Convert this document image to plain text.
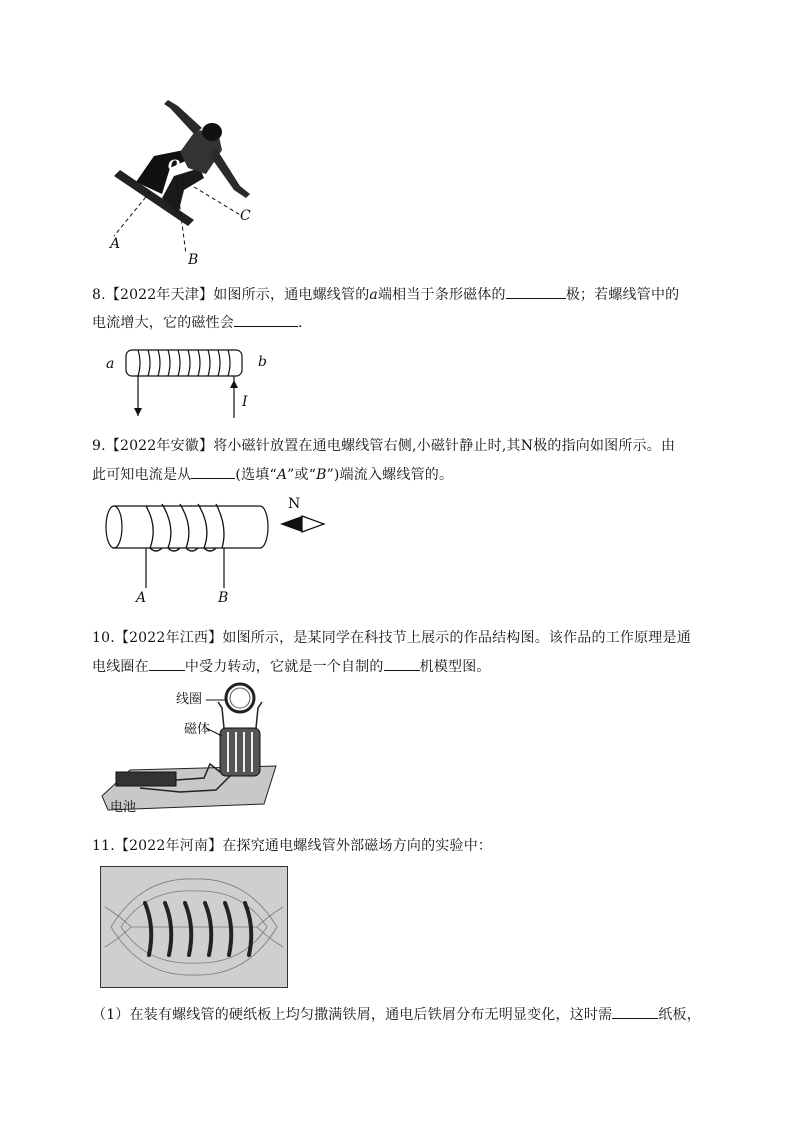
O
A
B
C
8.【2022年天津】如图所示，通电螺线管的a端相当于条形磁体的	极；若螺线管中的
电流增大，它的磁性会	.
a	b
I
9.【2022年安徽】将小磁针放置在通电螺线管右侧,小磁针静止时,其N极的指向如图所示。由
此可知电流是从	(选填“A”或“B”)端流入螺线管的。
N
A	B
10.【2022年江西】如图所示，是某同学在科技节上展示的作品结构图。该作品的工作原理是通
电线圈在	中受力转动，它就是一个自制的	机模型图。
线圈
磁体
电池
11.【2022年河南】在探究通电螺线管外部磁场方向的实验中：
（1）在装有螺线管的硬纸板上均匀撒满铁屑，通电后铁屑分布无明显变化，这时需	纸板，
